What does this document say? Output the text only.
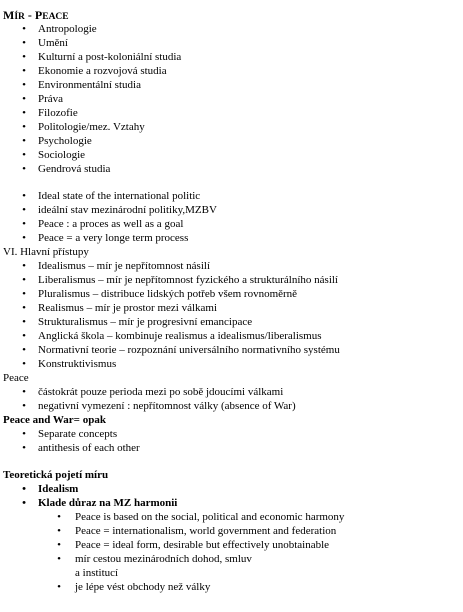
MÍR - PEACE
• Antropologie
• Umění
• Kulturní a post-koloniální studia
• Ekonomie a rozvojová studia
• Environmentální studia
• Práva
• Filozofie
• Politologie/mez. Vztahy
• Psychologie
• Sociologie
• Gendrová studia
• Ideal state of the international politic
• ideální stav mezinárodní politiky,MZBV
• Peace : a proces as well as a goal
• Peace = a very longe term process
VI. Hlavní přístupy
• Idealismus – mír je nepřítomnost násilí
• Liberalismus – mír je nepřítomnost fyzického a strukturálního násilí
• Pluralismus – distribuce lidských potřeb všem rovnoměrně
• Realismus – mír je prostor mezi válkami
• Strukturalismus – mír je progresivní emancipace
• Anglická škola – kombinuje realismus a idealismus/liberalismus
• Normativní teorie – rozpoznání universálního normativního systému
• Konstruktivismus
Peace
• částokrát pouze perioda mezi po sobě jdoucími válkami
• negativní vymezení : nepřítomnost války (absence of War)
Peace and War= opak
• Separate concepts
• antithesis of each other
Teoretická pojetí míru
• Idealism
• Klade důraz na MZ harmonii
• Peace is based on the social, political and economic harmony
• Peace = internationalism, world government and federation
• Peace = ideal form, desirable but effectively unobtainable
• mír cestou mezinárodních dohod, smluv
a institucí
• je lépe vést obchody než války
